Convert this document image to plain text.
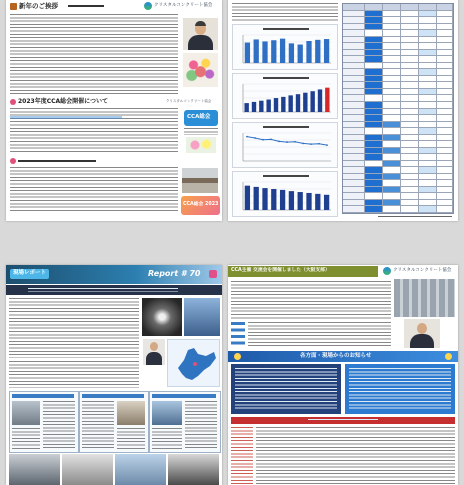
新年のご挨拶	クリスタルコンクリート協会
2023年度CCA総会開催について	クリスタルコンクリート協会
CCA総会
CCA総会 2023
現場レポート	Report # 70	CCA主催 交流会を開催しました（大阪支部）	クリスタルコンクリート協会
各方面・現場からのお知らせ
